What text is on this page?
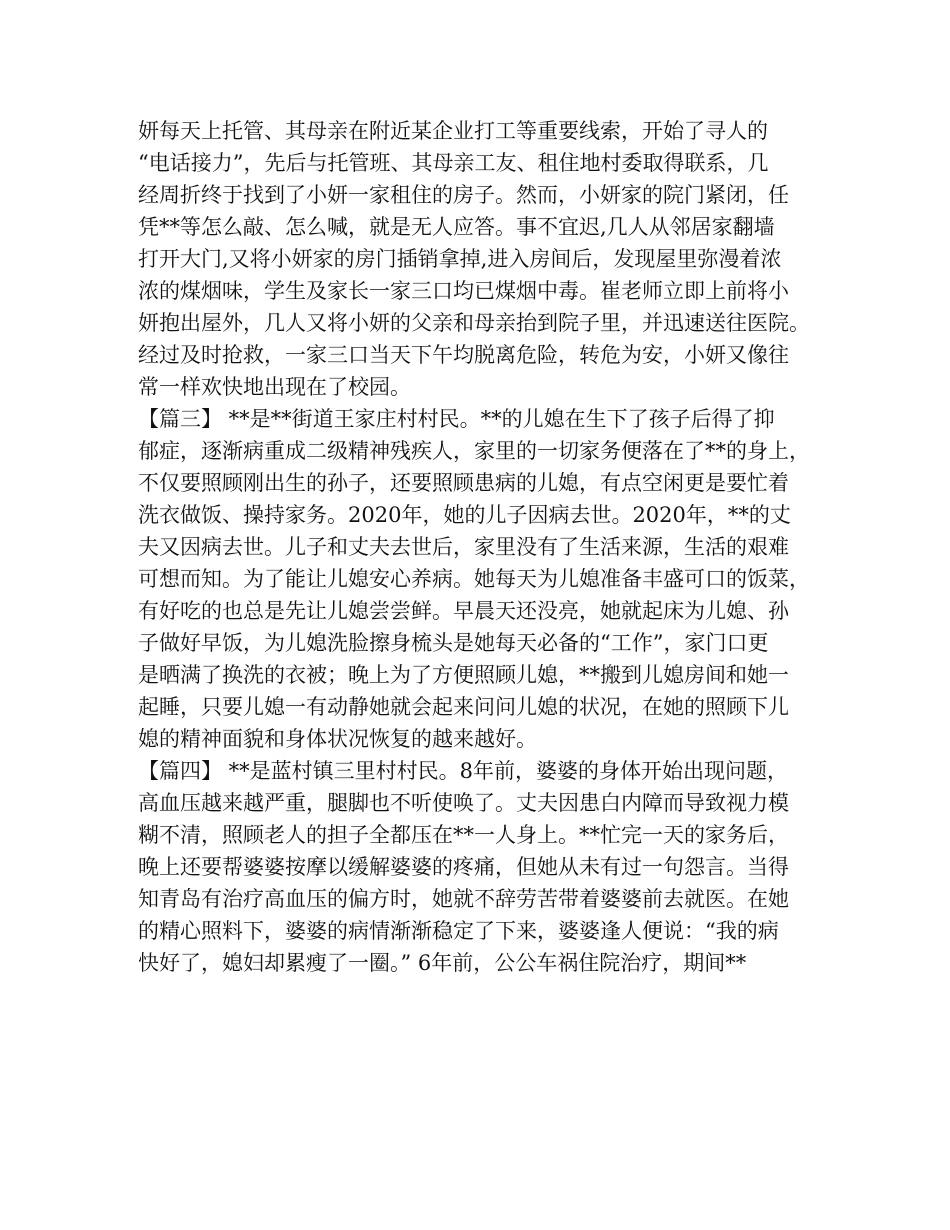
妍每天上托管、其母亲在附近某企业打工等重要线索，开始了寻人的

“电话接力”，先后与托管班、其母亲工友、租住地村委取得联系，几

经周折终于找到了小妍一家租住的房子。然而，小妍家的院门紧闭，任

凭**等怎么敲、怎么喊，就是无人应答。事不宜迟,几人从邻居家翻墙

打开大门,又将小妍家的房门插销拿掉,进入房间后，发现屋里弥漫着浓

浓的煤烟味，学生及家长一家三口均已煤烟中毒。崔老师立即上前将小

妍抱出屋外，几人又将小妍的父亲和母亲抬到院子里，并迅速送往医院。

经过及时抢救，一家三口当天下午均脱离危险，转危为安，小妍又像往

常一样欢快地出现在了校园。

【篇三】 **是**街道王家庄村村民。**的儿媳在生下了孩子后得了抑

郁症，逐渐病重成二级精神残疾人，家里的一切家务便落在了**的身上，

不仅要照顾刚出生的孙子，还要照顾患病的儿媳，有点空闲更是要忙着

洗衣做饭、操持家务。2020年，她的儿子因病去世。2020年，**的丈

夫又因病去世。儿子和丈夫去世后，家里没有了生活来源，生活的艰难

可想而知。为了能让儿媳安心养病。她每天为儿媳准备丰盛可口的饭菜，

有好吃的也总是先让儿媳尝尝鲜。早晨天还没亮，她就起床为儿媳、孙

子做好早饭，为儿媳洗脸擦身梳头是她每天必备的“工作”，家门口更

是晒满了换洗的衣被；晚上为了方便照顾儿媳，**搬到儿媳房间和她一

起睡，只要儿媳一有动静她就会起来问问儿媳的状况，在她的照顾下儿

媳的精神面貌和身体状况恢复的越来越好。

【篇四】 **是蓝村镇三里村村民。8年前，婆婆的身体开始出现问题，

高血压越来越严重，腿脚也不听使唤了。丈夫因患白内障而导致视力模

糊不清，照顾老人的担子全都压在**一人身上。**忙完一天的家务后，

晚上还要帮婆婆按摩以缓解婆婆的疼痛，但她从未有过一句怨言。当得

知青岛有治疗高血压的偏方时，她就不辞劳苦带着婆婆前去就医。在她

的精心照料下，婆婆的病情渐渐稳定了下来，婆婆逢人便说：“我的病

快好了，媳妇却累瘦了一圈。” 6年前，公公车祸住院治疗，期间**
